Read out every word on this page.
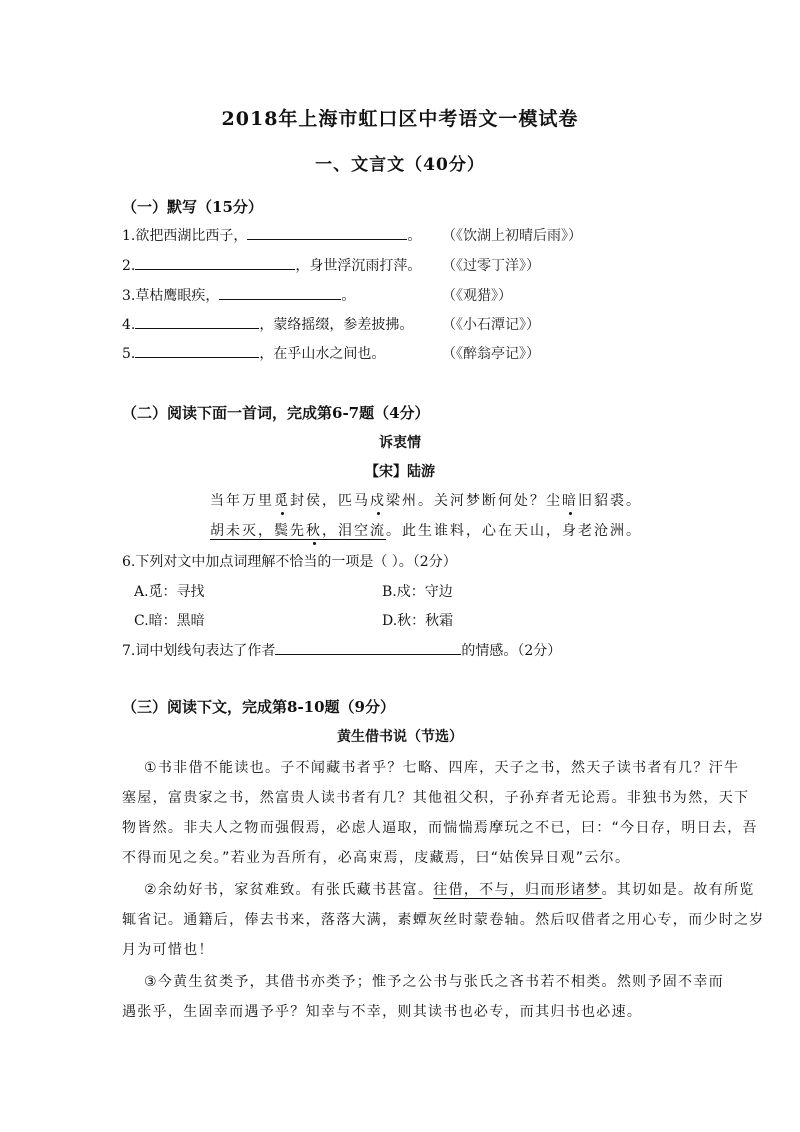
2018年上海市虹口区中考语文一模试卷
一、文言文（40分）
（一）默写（15分）
1.欲把西湖比西子，	。 （《饮湖上初晴后雨》）
2.	，身世浮沉雨打萍。 （《过零丁洋》）
3.草枯鹰眼疾，	。	（《观猎》）
4.	，蒙络摇缀，参差披拂。 （《小石潭记》）
5.	，在乎山水之间也。	（《醉翁亭记》）
（二）阅读下面一首词，完成第6-7题（4分）
诉衷情
【宋】陆游
当年万里觅封侯，匹马戍梁州。关河梦断何处？尘暗旧貂裘。
胡未灭，鬓先秋，泪空流。此生谁料，心在天山，身老沧洲。
6.下列对文中加点词理解不恰当的一项是（ ）。（2分）
A.觅：寻找	B.戍：守边
C.暗：黑暗	D.秋：秋霜
7.词中划线句表达了作者	的情感。（2分）
（三）阅读下文，完成第8-10题（9分）
黄生借书说（节选）
①书非借不能读也。子不闻藏书者乎？七略、四库，天子之书，然天子读书者有几？汗牛
塞屋，富贵家之书，然富贵人读书者有几？其他祖父积，子孙弃者无论焉。非独书为然，天下
物皆然。非夫人之物而强假焉，必虑人逼取，而惴惴焉摩玩之不已，曰：“今日存，明日去，吾
不得而见之矣。”若业为吾所有，必高束焉，庋藏焉，曰“姑俟异日观”云尔。
②余幼好书，家贫难致。有张氏藏书甚富。往借，不与，归而形诸梦。其切如是。故有所览
辄省记。通籍后，俸去书来，落落大满，素蟫灰丝时蒙卷轴。然后叹借者之用心专，而少时之岁
月为可惜也！
③今黄生贫类予，其借书亦类予；惟予之公书与张氏之吝书若不相类。然则予固不幸而
遇张乎，生固幸而遇予乎？知幸与不幸，则其读书也必专，而其归书也必速。
